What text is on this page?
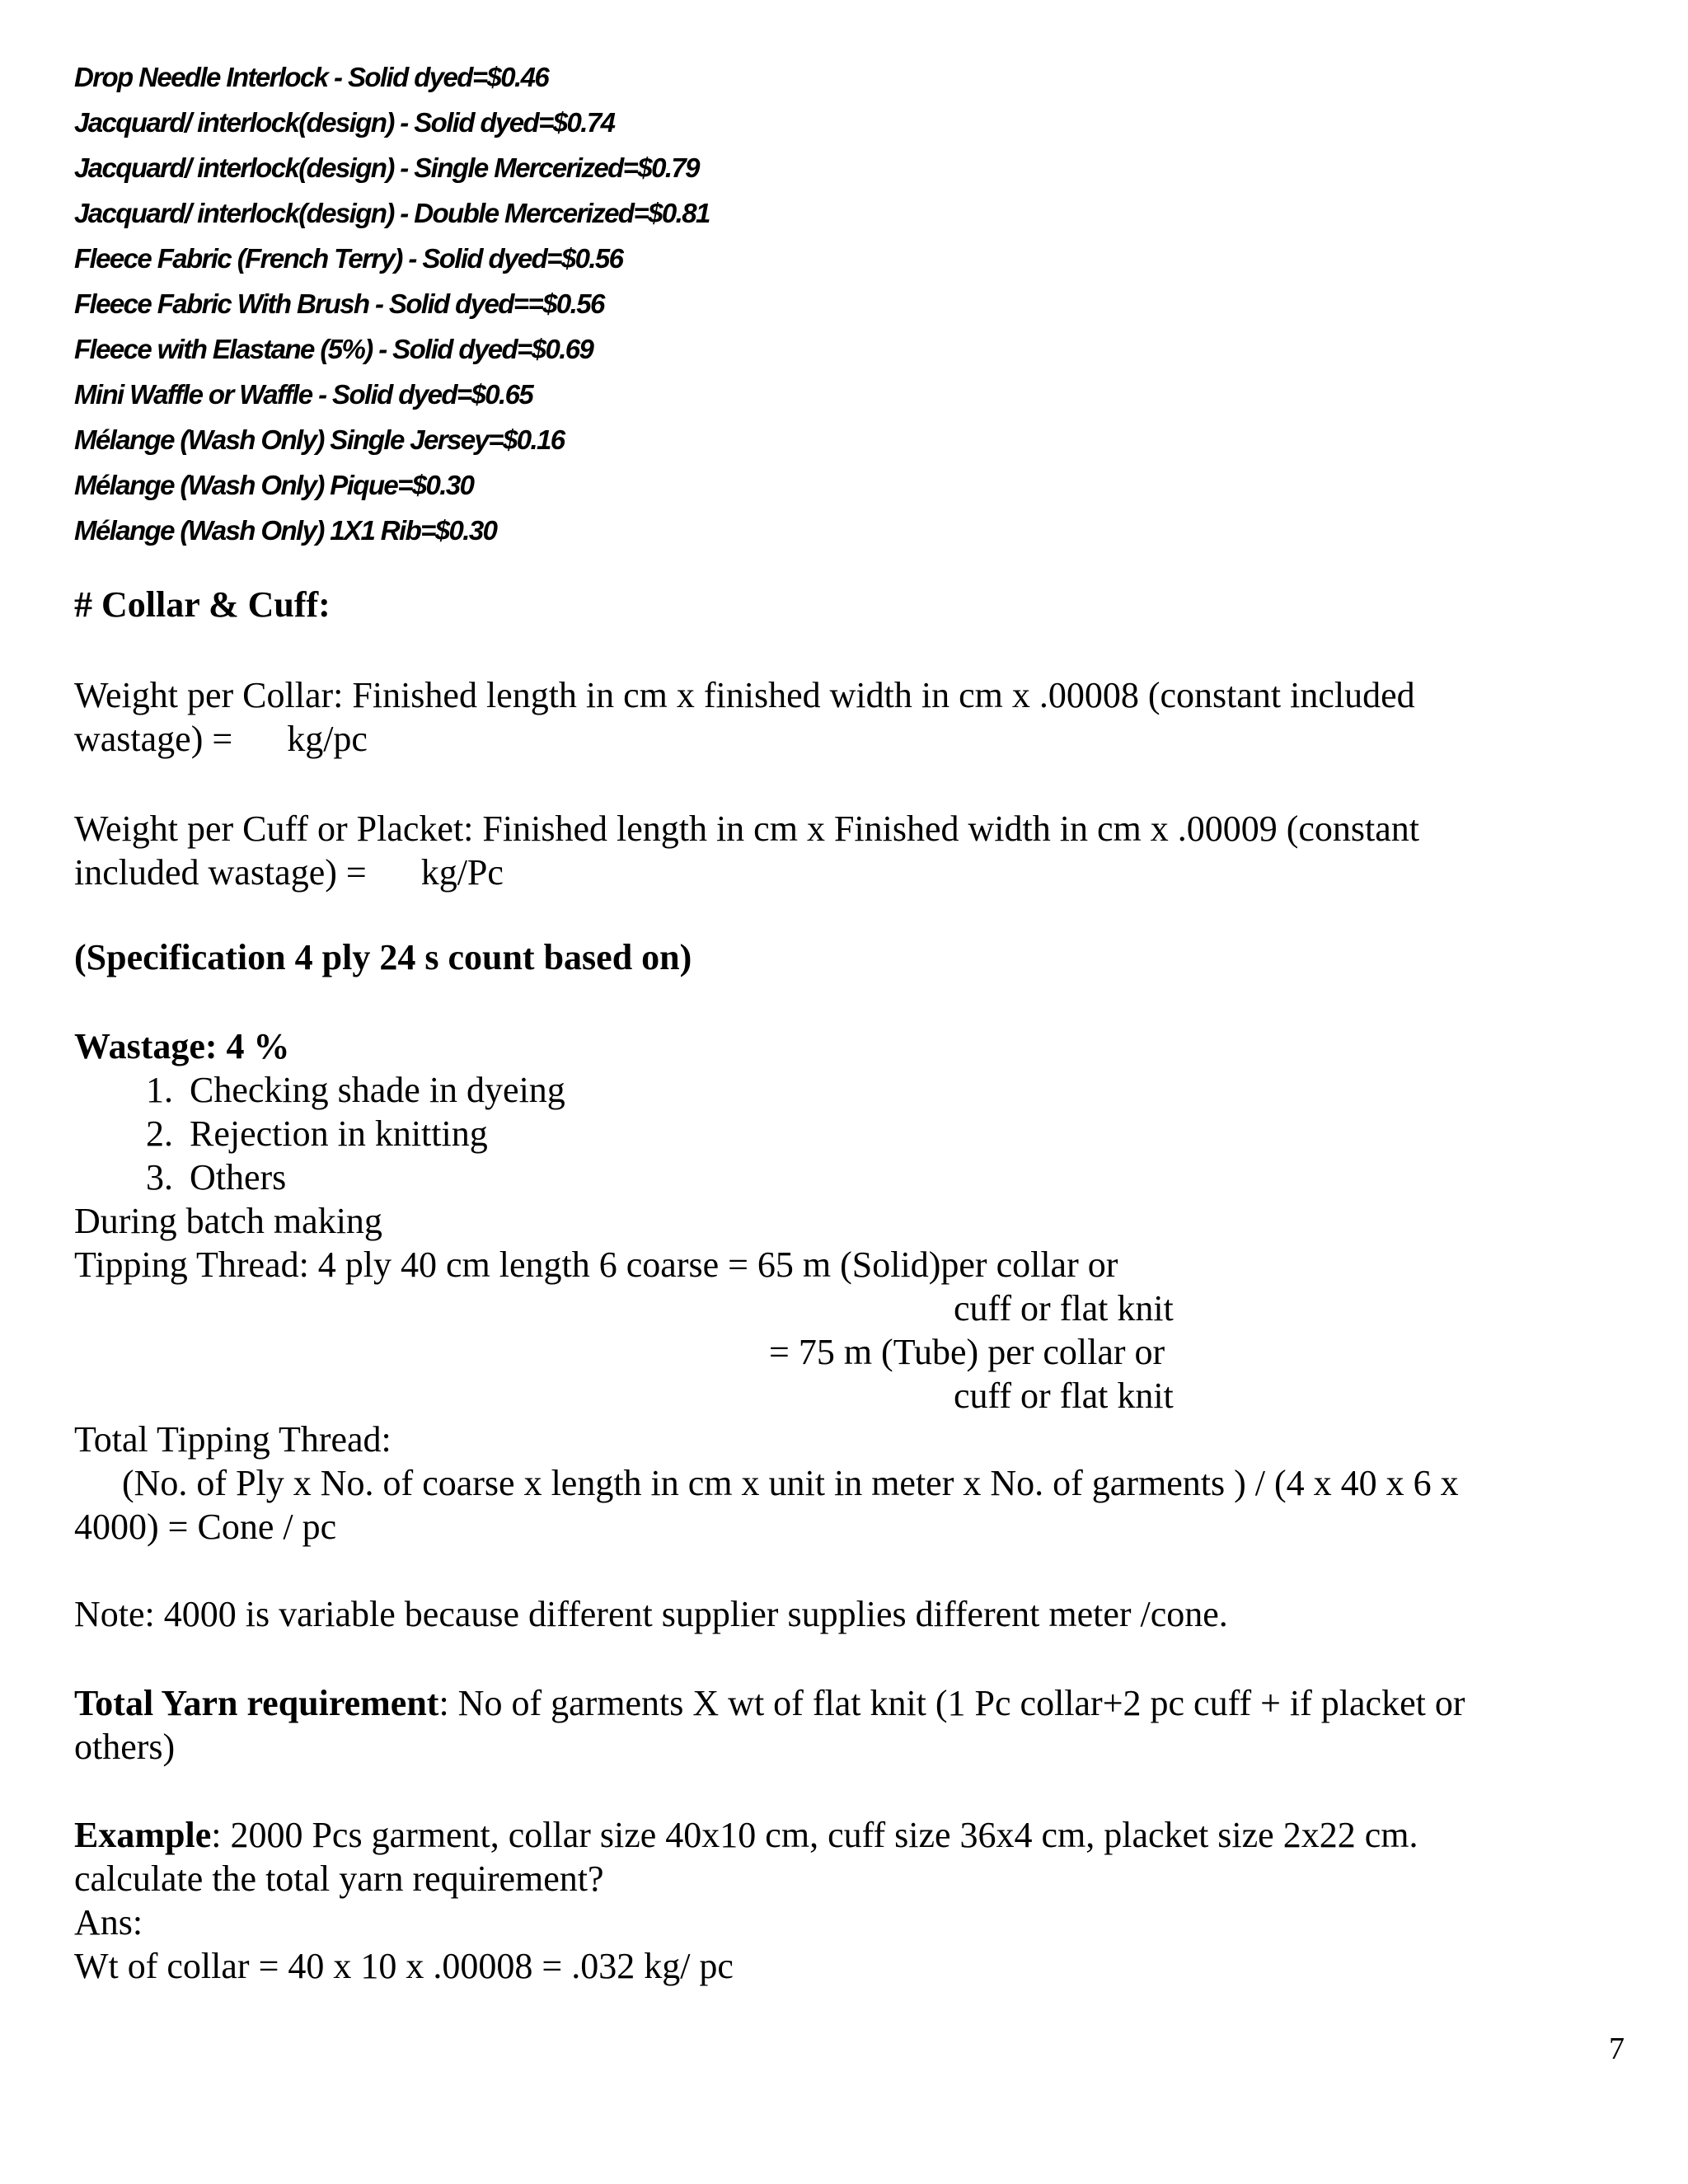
Drop Needle Interlock - Solid dyed=$0.46
Jacquard/ interlock(design) - Solid dyed=$0.74
Jacquard/ interlock(design) - Single Mercerized=$0.79
Jacquard/ interlock(design) - Double Mercerized=$0.81
Fleece Fabric (French Terry) - Solid dyed=$0.56
Fleece Fabric With Brush - Solid dyed==$0.56
Fleece with Elastane (5%) - Solid dyed=$0.69
Mini Waffle or Waffle - Solid dyed=$0.65
Mélange (Wash Only) Single Jersey=$0.16
Mélange (Wash Only) Pique=$0.30
Mélange (Wash Only) 1X1 Rib=$0.30
# Collar & Cuff:
Weight per Collar: Finished length in cm x finished width in cm x .00008 (constant included
wastage) = kg/pc
Weight per Cuff or Placket: Finished length in cm x Finished width in cm x .00009 (constant
included wastage) = kg/Pc
(Specification 4 ply 24 s count based on)
Wastage: 4 %
1. Checking shade in dyeing
2. Rejection in knitting
3. Others
During batch making
Tipping Thread: 4 ply 40 cm length 6 coarse = 65 m (Solid)per collar or
cuff or flat knit
= 75 m (Tube) per collar or
cuff or flat knit
Total Tipping Thread:
(No. of Ply x No. of coarse x length in cm x unit in meter x No. of garments ) / (4 x 40 x 6 x
4000) = Cone / pc
Note: 4000 is variable because different supplier supplies different meter /cone.
Total Yarn requirement: No of garments X wt of flat knit (1 Pc collar+2 pc cuff + if placket or
others)
Example: 2000 Pcs garment, collar size 40x10 cm, cuff size 36x4 cm, placket size 2x22 cm.
calculate the total yarn requirement?
Ans:
Wt of collar = 40 x 10 x .00008 = .032 kg/ pc
7
